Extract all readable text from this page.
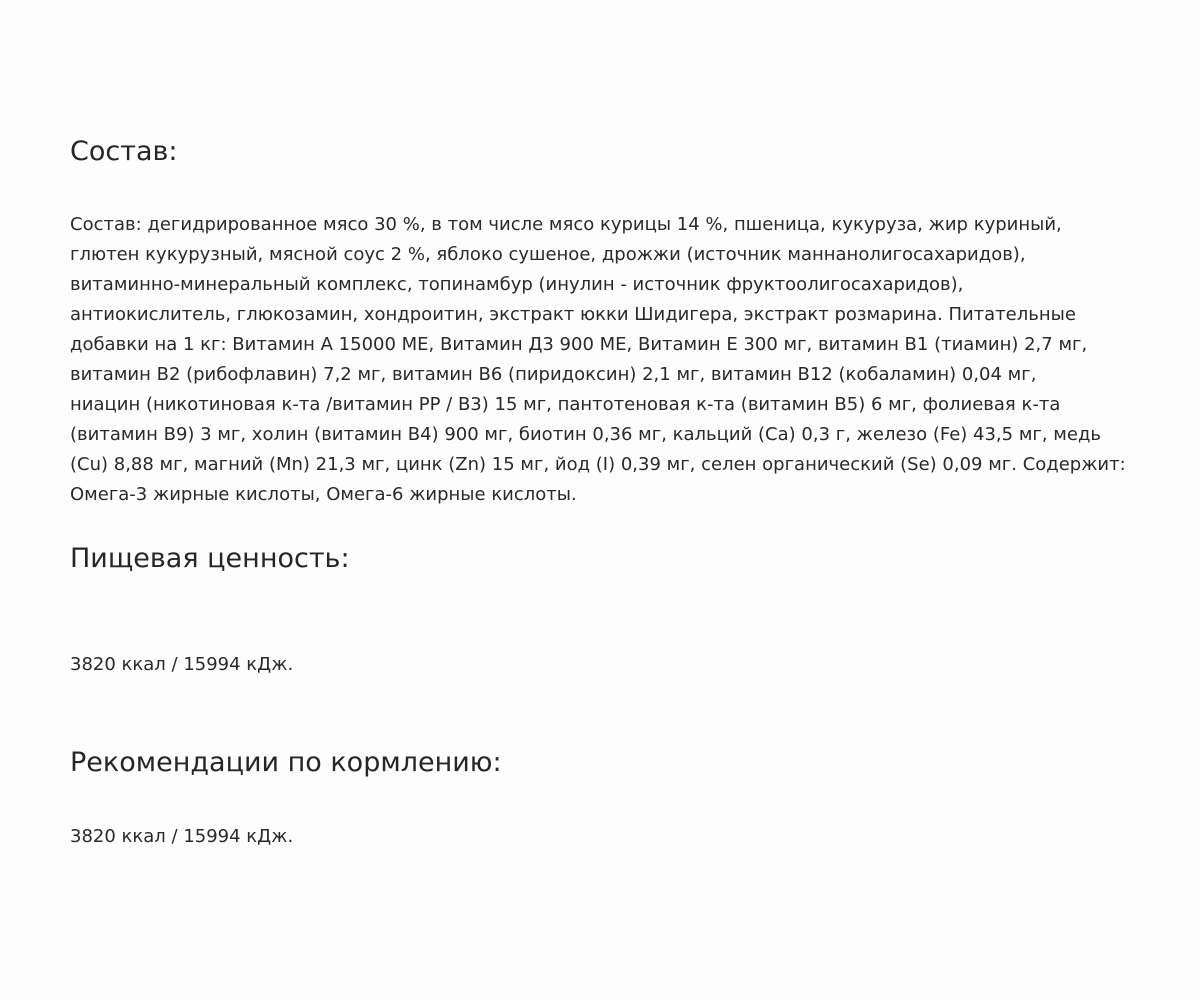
Состав:

Состав: дегидрированное мясо 30 %, в том числе мясо курицы 14 %, пшеница, кукуруза, жир куриный,
глютен кукурузный, мясной соус 2 %, яблоко сушеное, дрожжи (источник маннанолигосахаридов),
витаминно-минеральный комплекс, топинамбур (инулин - источник фруктоолигосахаридов),
антиокислитель, глюкозамин, хондроитин, экстракт юкки Шидигера, экстракт розмарина. Питательные
добавки на 1 кг: Витамин А 15000 МЕ, Витамин Д3 900 МЕ, Витамин Е 300 мг, витамин В1 (тиамин) 2,7 мг,
витамин В2 (рибофлавин) 7,2 мг, витамин В6 (пиридоксин) 2,1 мг, витамин В12 (кобаламин) 0,04 мг,
ниацин (никотиновая к-та /витамин РР / В3) 15 мг, пантотеновая к-та (витамин В5) 6 мг, фолиевая к-та
(витамин В9) 3 мг, холин (витамин В4) 900 мг, биотин 0,36 мг, кальций (Ca) 0,3 г, железо (Fe) 43,5 мг, медь
(Cu) 8,88 мг, магний (Mn) 21,3 мг, цинк (Zn) 15 мг, йод (I) 0,39 мг, селен органический (Se) 0,09 мг. Содержит:
Омега-3 жирные кислоты, Омега-6 жирные кислоты.

Пищевая ценность:

3820 ккал / 15994 кДж.

Рекомендации по кормлению:

3820 ккал / 15994 кДж.
